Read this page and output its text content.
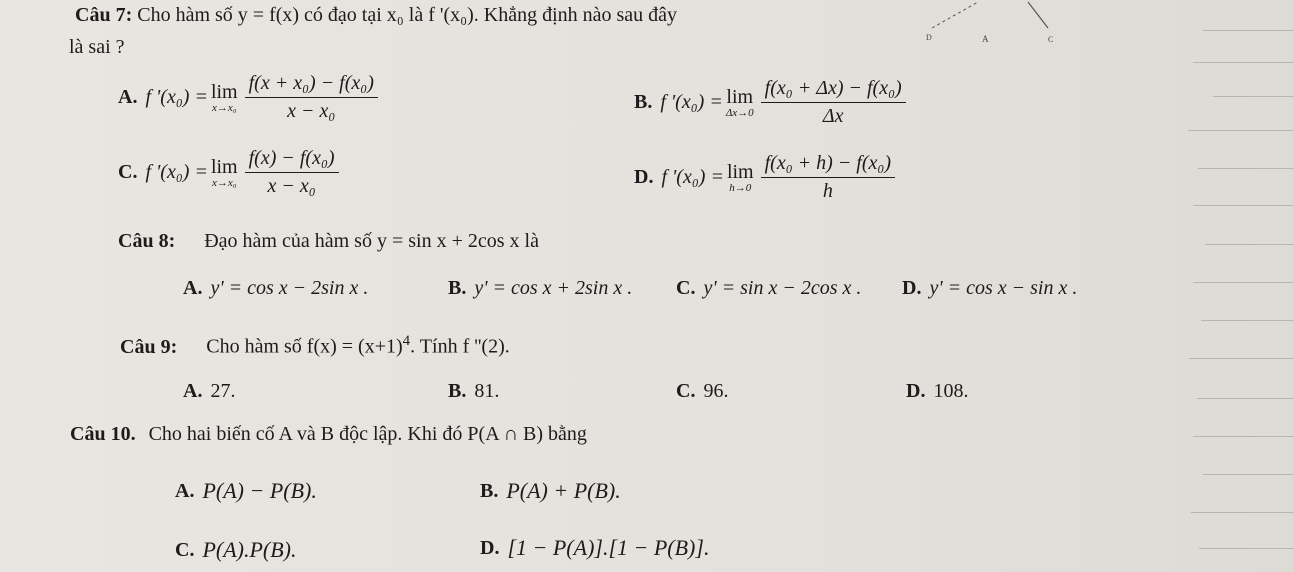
D	A	C
Câu 7: Cho hàm số y = f(x) có đạo tại x₀ là f '(x₀). Khẳng định nào sau đây
là sai ?
A. f '(x₀) = lim
$x\to x_0 \frac{\text{f(x + x₀) − f(x₀)}}{\text{x − x₀}}$	B. f '(x₀) = lim
$\Delta x\to 0 \frac{\text{f(x₀ + Δx) − f(x₀)}}{\Delta x}$
C. f '(x₀) = lim
$x\to x_0 \frac{\text{f(x) − f(x₀)}}{\text{x − x₀}}$	D. f '(x₀) = lim
$h\to 0 \frac{\text{f(x₀ + h) − f(x₀)}}{h}$
Câu 8: Đạo hàm của hàm số y = sin x + 2cos x là
A. y' = cos x − 2sin x .	B. y' = cos x + 2sin x . C. y' = sin x − 2cos x . D. y' = cos x − sin x .
Câu 9: Cho hàm số $f(x) = (x+1)^4$. Tính f ''(2).
A. 27.	B. 81.	C. 96.	D. 108.
Câu 10. Cho hai biến cố A và B độc lập. Khi đó P(A ∩ B) bằng
A. P(A) − P(B).	B. P(A) + P(B).
C. P(A).P(B).	D. [1 − P(A)].[1 − P(B)].
